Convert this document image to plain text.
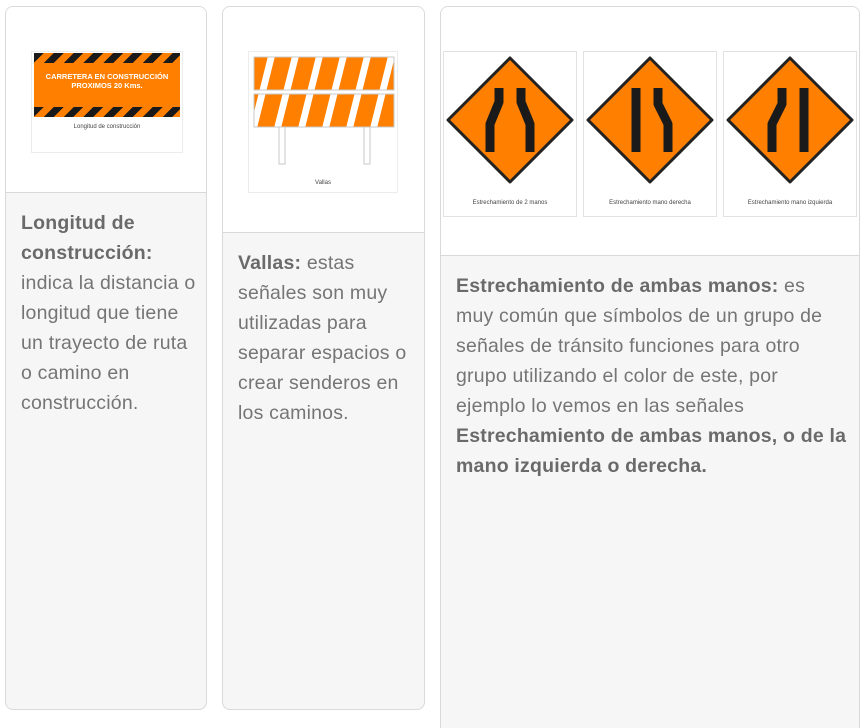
CARRETERA EN CONSTRUCCIÓN
PROXIMOS 20 Kms.
Longitud de construcción
Longitud de construcción: indica la distancia o longitud que tiene un trayecto de ruta o camino en construcción.
Vallas
Vallas: estas señales son muy utilizadas para separar espacios o crear senderos en los caminos.
Estrechamiento de 2 manos	Estrechamiento mano derecha	Estrechamiento mano izquierda
Estrechamiento de ambas manos: es muy común que símbolos de un grupo de señales de tránsito funciones para otro grupo utilizando el color de este, por ejemplo lo vemos en las señales Estrechamiento de ambas manos, o de la mano izquierda o derecha.
